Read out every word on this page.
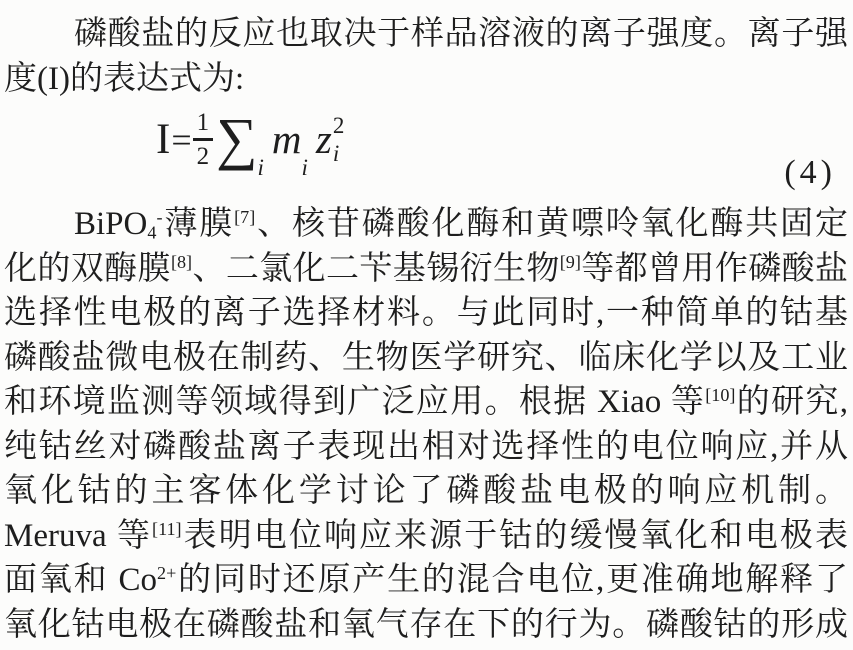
磷酸盐的反应也取决于样品溶液的离子强度。离子强
度(I)的表达式为:
$I = \frac{1}{2}$ ∑ i
m
i
z 2
i
(4)
BiPO$_4$-薄膜[7]、核苷磷酸化酶和黄嘌呤氧化酶共固定
化的双酶膜[8]、二氯化二苄基锡衍生物[9]等都曾用作磷酸盐
选择性电极的离子选择材料。与此同时,一种简单的钴基
磷酸盐微电极在制药、生物医学研究、临床化学以及工业
和环境监测等领域得到广泛应用。根据 Xiao 等[10]的研究,
纯钴丝对磷酸盐离子表现出相对选择性的电位响应,并从
氧化钴的主客体化学讨论了磷酸盐电极的响应机制。
Meruva 等[11]表明电位响应来源于钴的缓慢氧化和电极表
面氧和 $Co^{2+}$的同时还原产生的混合电位,更准确地解释了
氧化钴电极在磷酸盐和氧气存在下的行为。磷酸钴的形成
